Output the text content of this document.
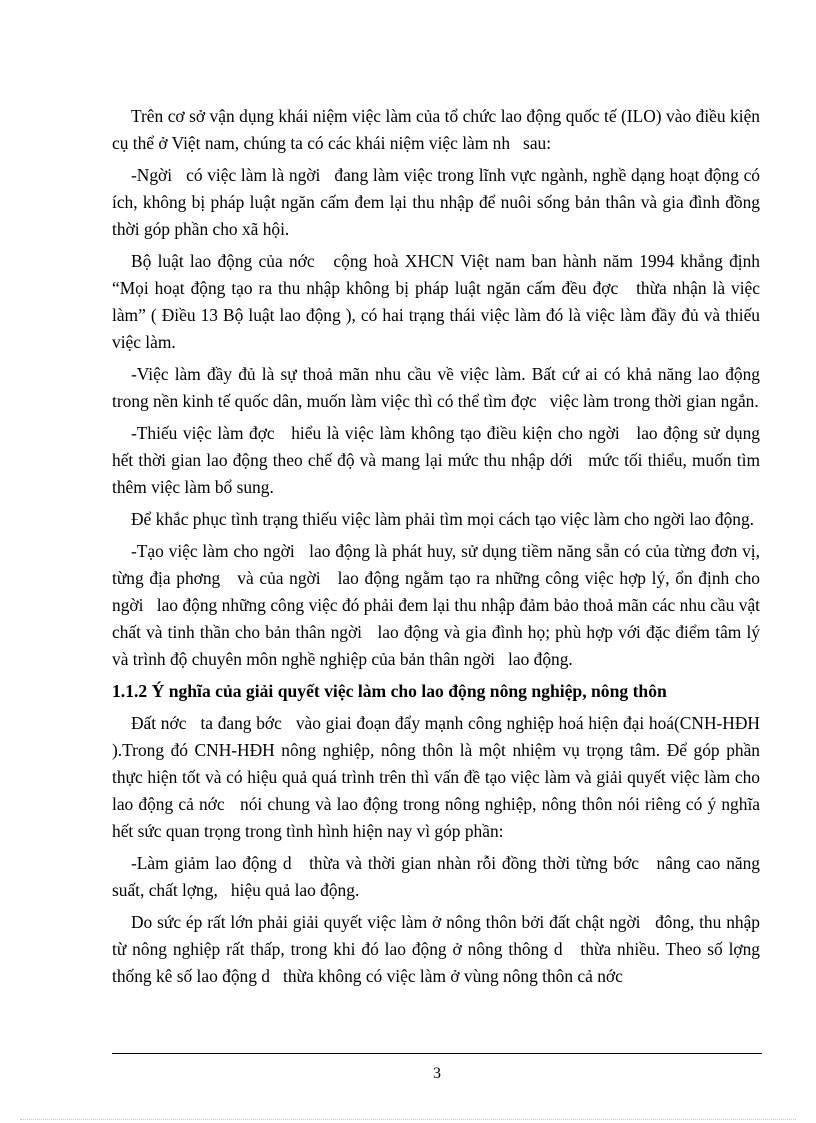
Trên cơ sở vận dụng khái niệm việc làm của tổ chức lao động quốc tế (ILO) vào điều kiện cụ thể ở Việt nam, chúng ta có các khái niệm việc làm nh   sau:

-Ngời   có việc làm là ngời   đang làm việc trong lĩnh vực ngành, nghề dạng hoạt động có ích, không bị pháp luật ngăn cấm đem lại thu nhập để nuôi sống bản thân và gia đình đồng thời góp phần cho xã hội.

Bộ luật lao động của nớc   cộng hoà XHCN Việt nam ban hành năm 1994 khẳng định “Mọi hoạt động tạo ra thu nhập không bị pháp luật ngăn cấm đều đợc   thừa nhận là việc làm” ( Điều 13 Bộ luật lao động ), có hai trạng thái việc làm đó là việc làm đầy đủ và thiếu việc làm.

-Việc làm đầy đủ là sự thoả mãn nhu cầu về việc làm. Bất cứ ai có khả năng lao động trong nền kinh tế quốc dân, muốn làm việc thì có thể tìm đợc   việc làm trong thời gian ngắn.

-Thiếu việc làm đợc   hiểu là việc làm không tạo điều kiện cho ngời   lao động sử dụng hết thời gian lao động theo chế độ và mang lại mức thu nhập dới   mức tối thiểu, muốn tìm thêm việc làm bổ sung.

Để khắc phục tình trạng thiếu việc làm phải tìm mọi cách tạo việc làm cho ngời lao động.

-Tạo việc làm cho ngời   lao động là phát huy, sử dụng tiềm năng sẵn có của từng đơn vị, từng địa phơng   và của ngời   lao động ngằm tạo ra những công việc hợp lý, ổn định cho ngời   lao động những công việc đó phải đem lại thu nhập đảm bảo thoả mãn các nhu cầu vật chất và tinh thần cho bản thân ngời   lao động và gia đình họ; phù hợp với đặc điểm tâm lý và trình độ chuyên môn nghề nghiệp của bản thân ngời   lao động.

1.1.2 Ý nghĩa của giải quyết việc làm cho lao động nông nghiệp, nông thôn

Đất nớc   ta đang bớc   vào giai đoạn đẩy mạnh công nghiệp hoá hiện đại hoá(CNH-HĐH ).Trong đó CNH-HĐH nông nghiệp, nông thôn là một nhiệm vụ trọng tâm. Để góp phần thực hiện tốt và có hiệu quả quá trình trên thì vấn đề tạo việc làm và giải quyết việc làm cho lao động cả nớc   nói chung và lao động trong nông nghiệp, nông thôn nói riêng có ý nghĩa hết sức quan trọng trong tình hình hiện nay vì góp phần:

-Làm giảm lao động d   thừa và thời gian nhàn rỗi đồng thời từng bớc   nâng cao năng suất, chất lợng,   hiệu quả lao động.

Do sức ép rất lớn phải giải quyết việc làm ở nông thôn bởi đất chật ngời   đông, thu nhập từ nông nghiệp rất thấp, trong khi đó lao động ở nông thông d   thừa nhiều. Theo số lợng   thống kê số lao động d   thừa không có việc làm ở vùng nông thôn cả nớc

3
